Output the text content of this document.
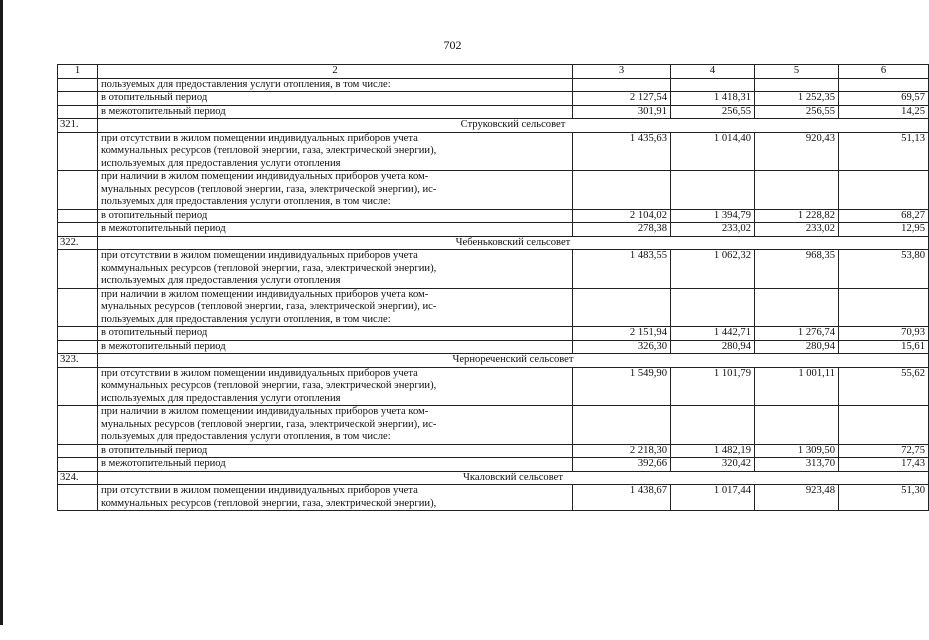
702
1	2	3	4	5	6
	пользуемых для предоставления услуги отопления, в том числе:				
	в отопительный период	2 127,54	1 418,31	1 252,35	69,57
	в межотопительный период	301,91	256,55	256,55	14,25
321.	Струковский сельсовет				
	при отсутствии в жилом помещении индивидуальных приборов учета
коммунальных ресурсов (тепловой энергии, газа, электрической энергии),
используемых для предоставления услуги отопления	1 435,63	1 014,40	920,43	51,13
	при наличии в жилом помещении индивидуальных приборов учета ком-
мунальных ресурсов (тепловой энергии, газа, электрической энергии), ис-
пользуемых для предоставления услуги отопления, в том числе:				
	в отопительный период	2 104,02	1 394,79	1 228,82	68,27
	в межотопительный период	278,38	233,02	233,02	12,95
322.	Чебеньковский сельсовет				
	при отсутствии в жилом помещении индивидуальных приборов учета
коммунальных ресурсов (тепловой энергии, газа, электрической энергии),
используемых для предоставления услуги отопления	1 483,55	1 062,32	968,35	53,80
	при наличии в жилом помещении индивидуальных приборов учета ком-
мунальных ресурсов (тепловой энергии, газа, электрической энергии), ис-
пользуемых для предоставления услуги отопления, в том числе:				
	в отопительный период	2 151,94	1 442,71	1 276,74	70,93
	в межотопительный период	326,30	280,94	280,94	15,61
323.	Чернореченский сельсовет				
	при отсутствии в жилом помещении индивидуальных приборов учета
коммунальных ресурсов (тепловой энергии, газа, электрической энергии),
используемых для предоставления услуги отопления	1 549,90	1 101,79	1 001,11	55,62
	при наличии в жилом помещении индивидуальных приборов учета ком-
мунальных ресурсов (тепловой энергии, газа, электрической энергии), ис-
пользуемых для предоставления услуги отопления, в том числе:				
	в отопительный период	2 218,30	1 482,19	1 309,50	72,75
	в межотопительный период	392,66	320,42	313,70	17,43
324.	Чкаловский сельсовет				
	при отсутствии в жилом помещении индивидуальных приборов учета
коммунальных ресурсов (тепловой энергии, газа, электрической энергии),	1 438,67	1 017,44	923,48	51,30
